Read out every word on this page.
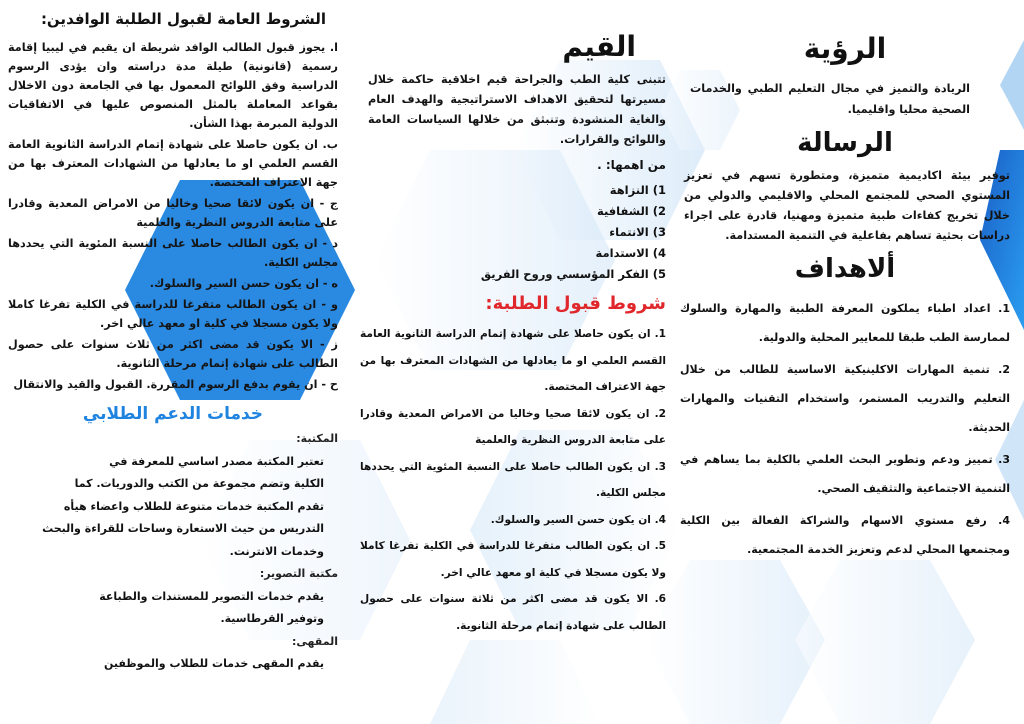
الشروط العامة لقبول الطلبة الوافدين:
ا. يجوز قبول الطالب الوافد شريطة ان يقيم في ليبيا إقامة رسمية (قانونية) طيلة مدة دراسته وان يؤدى الرسوم الدراسية وفق اللوائح المعمول بها في الجامعة دون الاخلال بقواعد المعاملة بالمثل المنصوص عليها في الاتفاقيات الدولية المبرمة بهذا الشأن.
ب. ان يكون حاصلا على شهادة إتمام الدراسة الثانوية العامة القسم العلمي او ما يعادلها من الشهادات المعترف بها من جهة الاعتراف المختصة.
ج - ان يكون لائقا صحيا وخاليا من الامراض المعدية وقادرا على متابعة الدروس النظرية والعلمية
د - ان يكون الطالب حاصلا على النسبة المئوية التي يحددها مجلس الكلية.
ه - ان يكون حسن السير والسلوك.
و - ان يكون الطالب متفرغا للدراسة في الكلية تفرغا كاملا ولا يكون مسجلا في كلية او معهد عالي اخر.
ز - الا يكون قد مضى اكثر من ثلاث سنوات على حصول الطالب على شهادة إتمام مرحلة الثانوية.
ح - ان يقوم بدفع الرسوم المقررة. القبول والقيد والانتقال
خدمات الدعم الطلابي
المكتبة:
تعتبر المكتبة مصدر اساسي للمعرفة في
الكلية وتضم مجموعة من الكتب والدوريات. كما
تقدم المكتبة خدمات متنوعة للطلاب واعضاء هيأه
التدريس من حيث الاستعارة وساحات للقراءة والبحث
وخدمات الانترنت.
مكتبة التصوير:
يقدم خدمات التصوير للمستندات والطباعة
وتوفير القرطاسية.
المقهى:
يقدم المقهى خدمات للطلاب والموظفين
القيم

تتبنى كلية الطب والجراحة قيم اخلاقية حاكمة خلال مسيرتها لتحقيق الاهداف الاستراتيجية والهدف العام والغاية المنشودة وتنبثق من خلالها السياسات العامة واللوائح والقرارات.

من اهمها: .
1) النزاهة
2) الشفافية
3) الانتماء
4) الاستدامة
5) الفكر المؤسسي وروح الفريق
شروط قبول الطلبة:
1. ان يكون حاصلا على شهادة إتمام الدراسة الثانوية العامة القسم العلمي او ما يعادلها من الشهادات المعترف بها من جهة الاعتراف المختصة.
2. ان يكون لائقا صحيا وخاليا من الامراض المعدية وقادرا على متابعة الدروس النظرية والعلمية
3. ان يكون الطالب حاصلا على النسبة المئوية التي يحددها مجلس الكلية.
4. ان يكون حسن السير والسلوك.
5. ان يكون الطالب متفرغا للدراسة في الكلية تفرغا كاملا ولا يكون مسجلا في كلية او معهد عالي اخر.
6. الا يكون قد مضى اكثر من ثلاثة سنوات على حصول الطالب على شهادة إتمام مرحلة الثانوية.
الرؤية

الريادة والتميز في مجال التعليم الطبي والخدمات الصحية محليا واقليميا.

الرسالة

توفير بيئة اكاديمية متميزة، ومتطورة تسهم في تعزيز المستوي الصحي للمجتمع المحلي والاقليمي والدولي من خلال تخريج كفاءات طبية متميزة ومهنيا، قادرة على اجراء دراسات بحثية تساهم بفاعلية في التنمية المستدامة.

ألاهداف
1. اعداد اطباء يملكون المعرفة الطبية والمهارة والسلوك لممارسة الطب طبقا للمعايير المحلية والدولية.
2. تنمية المهارات الاكلينيكية الاساسية للطالب من خلال التعليم والتدريب المستمر، واستخدام التقنيات والمهارات الحديثة.
3. تمييز ودعم وتطوير البحث العلمي بالكلية بما يساهم في التنمية الاجتماعية والتثقيف الصحي.
4. رفع مستوي الاسهام والشراكة الفعالة بين الكلية ومجتمعها المحلي لدعم وتعزيز الخدمة المجتمعية.
